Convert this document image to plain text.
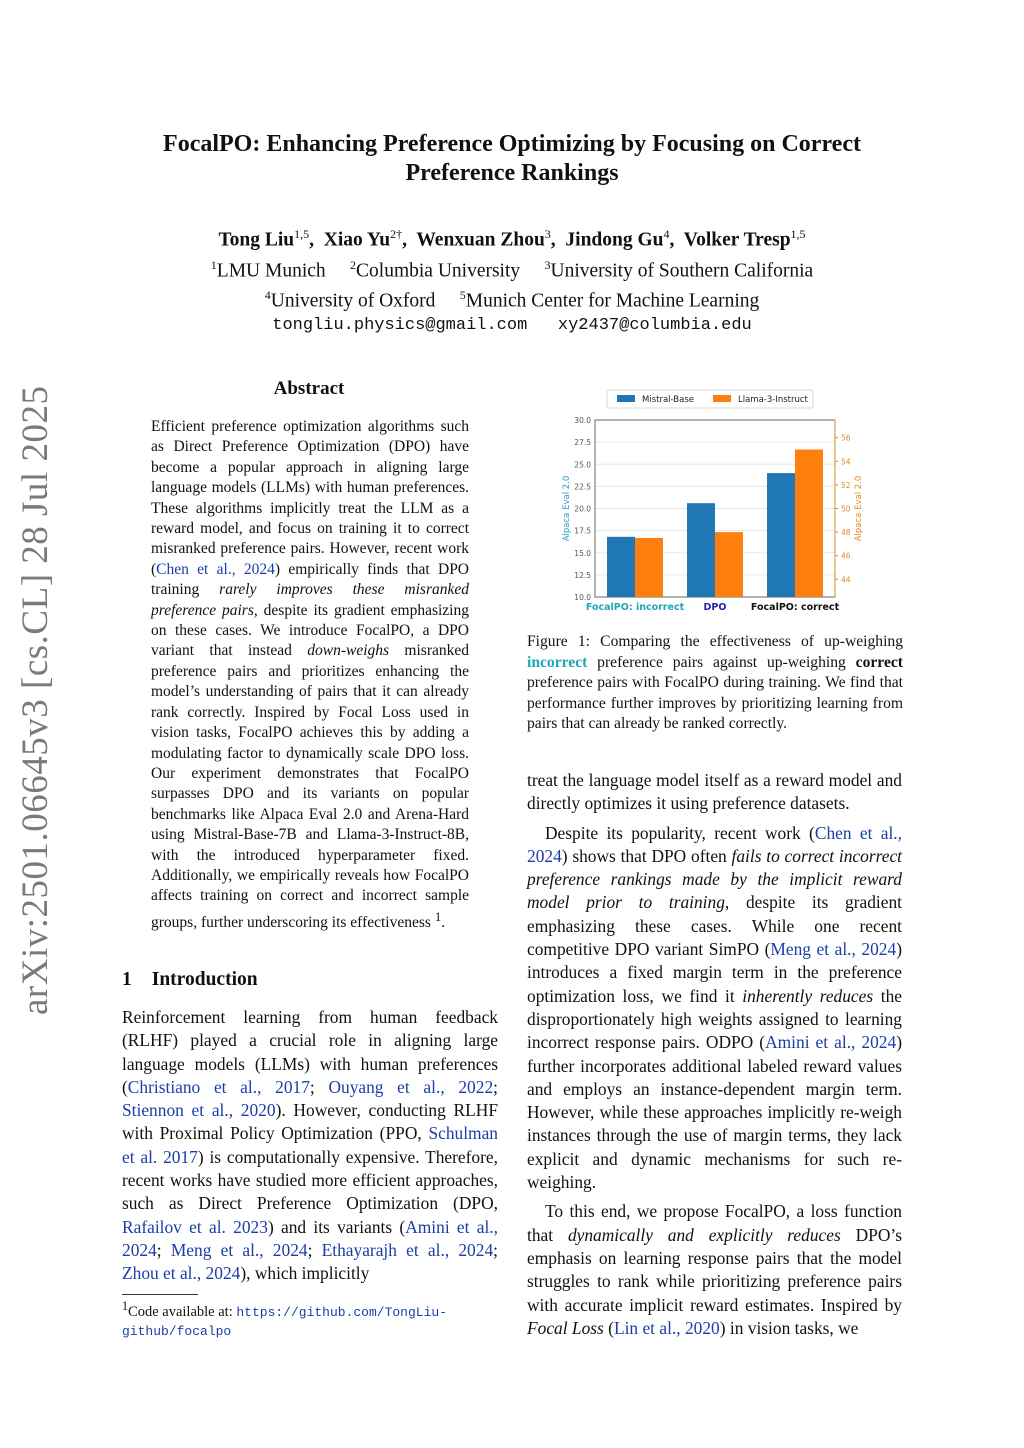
FocalPO: Enhancing Preference Optimizing by Focusing on Correct
Preference Rankings
Tong Liu$^{1,5}$,  Xiao $Yu^{2\dagger}$,  Wenxuan Zhou$^3$,  Jindong Gu$^4$,  Volker Tresp$^{1,5}$
$^1$LMU Munich $^2$Columbia University $^3$University of Southern California
$^4$University of Oxford $^5$Munich Center for Machine Learning
tongliu.physics@gmail.com xy2437@columbia.edu
arXiv:2501.06645v3 [cs.CL] 28 Jul 2025	Abstract
Efficient preference optimization algorithms such as Direct Preference Optimization (DPO) have become a popular approach in aligning large language models (LLMs) with human preferences. These algorithms implicitly treat the LLM as a reward model, and focus on training it to correct misranked preference pairs. However, recent work (Chen et al., 2024) empirically finds that DPO training rarely improves these misranked preference pairs, despite its gradient emphasizing on these cases. We introduce FocalPO, a DPO variant that instead down-weighs misranked preference pairs and prioritizes enhancing the model’s understanding of pairs that it can already rank correctly. Inspired by Focal Loss used in vision tasks, FocalPO achieves this by adding a modulating factor to dynamically scale DPO loss. Our experiment demonstrates that FocalPO surpasses DPO and its variants on popular benchmarks like Alpaca Eval 2.0 and Arena-Hard using Mistral-Base-7B and Llama-3-Instruct-8B, with the introduced hyperparameter fixed. Additionally, we empirically reveals how FocalPO affects training on correct and incorrect sample groups, further underscoring its effectiveness $^1$.
1 Introduction
Reinforcement learning from human feedback (RLHF) played a crucial role in aligning large language models (LLMs) with human preferences (Christiano et al., 2017; Ouyang et al., 2022; Stiennon et al., 2020). However, conducting RLHF with Proximal Policy Optimization (PPO, Schulman et al. 2017) is computationally expensive. Therefore, recent works have studied more efficient approaches, such as Direct Preference Optimization (DPO, Rafailov et al. 2023) and its variants (Amini et al., 2024; Meng et al., 2024; Ethayarajh et al., 2024; Zhou et al., 2024), which implicitly
$^1$Code available at: https://github.com/TongLiu-github/focalpo
10.0
12.5
15.0
17.5
20.0
22.5
25.0
27.5
30.0
44
46
48
50
52
54
56
FocalPO: incorrect DPO	FocalPO: correct
Alpaca Eval 2.0	Alpaca Eval 2.0
Mistral-Base	Llama-3-Instruct
Figure 1: Comparing the effectiveness of up-weighing incorrect preference pairs against up-weighing correct preference pairs with FocalPO during training. We find that performance further improves by prioritizing learning from pairs that can already be ranked correctly.

treat the language model itself as a reward model and directly optimizes it using preference datasets.

Despite its popularity, recent work (Chen et al., 2024) shows that DPO often fails to correct incorrect preference rankings made by the implicit reward model prior to training, despite its gradient emphasizing these cases. While one recent competitive DPO variant SimPO (Meng et al., 2024) introduces a fixed margin term in the preference optimization loss, we find it inherently reduces the disproportionately high weights assigned to learning incorrect response pairs. ODPO (Amini et al., 2024) further incorporates additional labeled reward values and employs an instance-dependent margin term. However, while these approaches implicitly re-weigh instances through the use of margin terms, they lack explicit and dynamic mechanisms for such re-weighing.

To this end, we propose FocalPO, a loss function that dynamically and explicitly reduces DPO’s emphasis on learning response pairs that the model struggles to rank while prioritizing preference pairs with accurate implicit reward estimates. Inspired by Focal Loss (Lin et al., 2020) in vision tasks, we
